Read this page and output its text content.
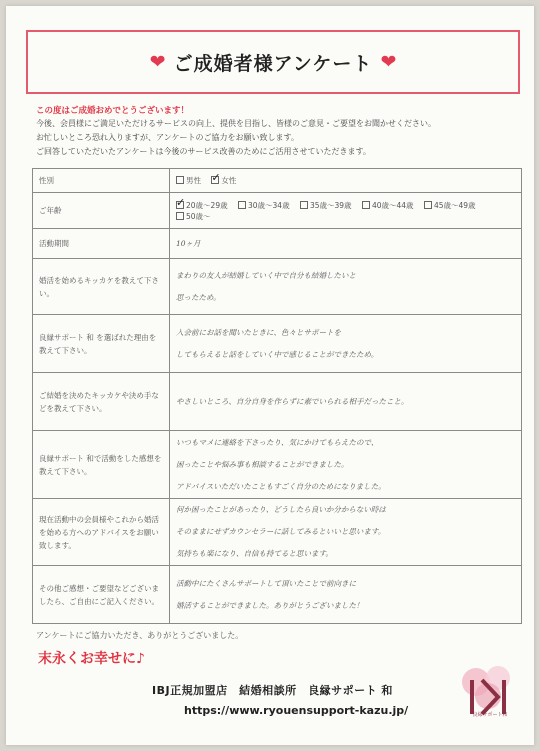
❤ ご成婚者様アンケート ❤
この度はご成婚おめでとうございます！
今後、会員様にご満足いただけるサービスの向上、提供を目指し、皆様のご意見・ご要望をお聞かせください。
お忙しいところ恐れ入りますが、アンケートのご協力をお願い致します。
ご回答していただいたアンケートは今後のサービス改善のためにご活用させていただきます。
性別	男性 ✓ 女性
ご年齢	✓20歳～29歳 30歳～34歳 35歳～39歳 40歳～44歳 45歳～49歳 50歳～
活動期間	10ヶ月
婚活を始めるキッカケを教えて下さい。	まわりの友人が結婚していく中で自分も結婚したいと
思ったため。

良縁サポート 和 を選ばれた理由を教えて下さい。	入会前にお話を聞いたときに、色々とサポートを
してもらえると話をしていく中で感じることができたため。

ご結婚を決めたキッカケや決め手などを教えて下さい。	やさしいところ、自分自身を作らずに素でいられる相手だったこと。

良縁サポート 和で活動をした感想を教えて下さい。	いつもマメに連絡を下さったり、気にかけてもらえたので、
困ったことや悩み事も相談することができました。
アドバイスいただいたこともすごく自分のためになりました。

現在活動中の会員様やこれから婚活を始める方へのアドバイスをお願い致します。	何か困ったことがあったり、どうしたら良いか分からない時は
そのままにせずカウンセラーに話してみるといいと思います。
気持ちも楽になり、自信も持てると思います。

その他ご感想・ご要望などございましたら、ご自由にご記入ください。	活動中にたくさんサポートして頂いたことで前向きに
婚活することができました。ありがとうございました！
アンケートにご協力いただき、ありがとうございました。
末永くお幸せに♪
IBJ正規加盟店　結婚相談所　良縁サポート 和
https://www.ryouensupport-kazu.jp/	良縁サポート和
